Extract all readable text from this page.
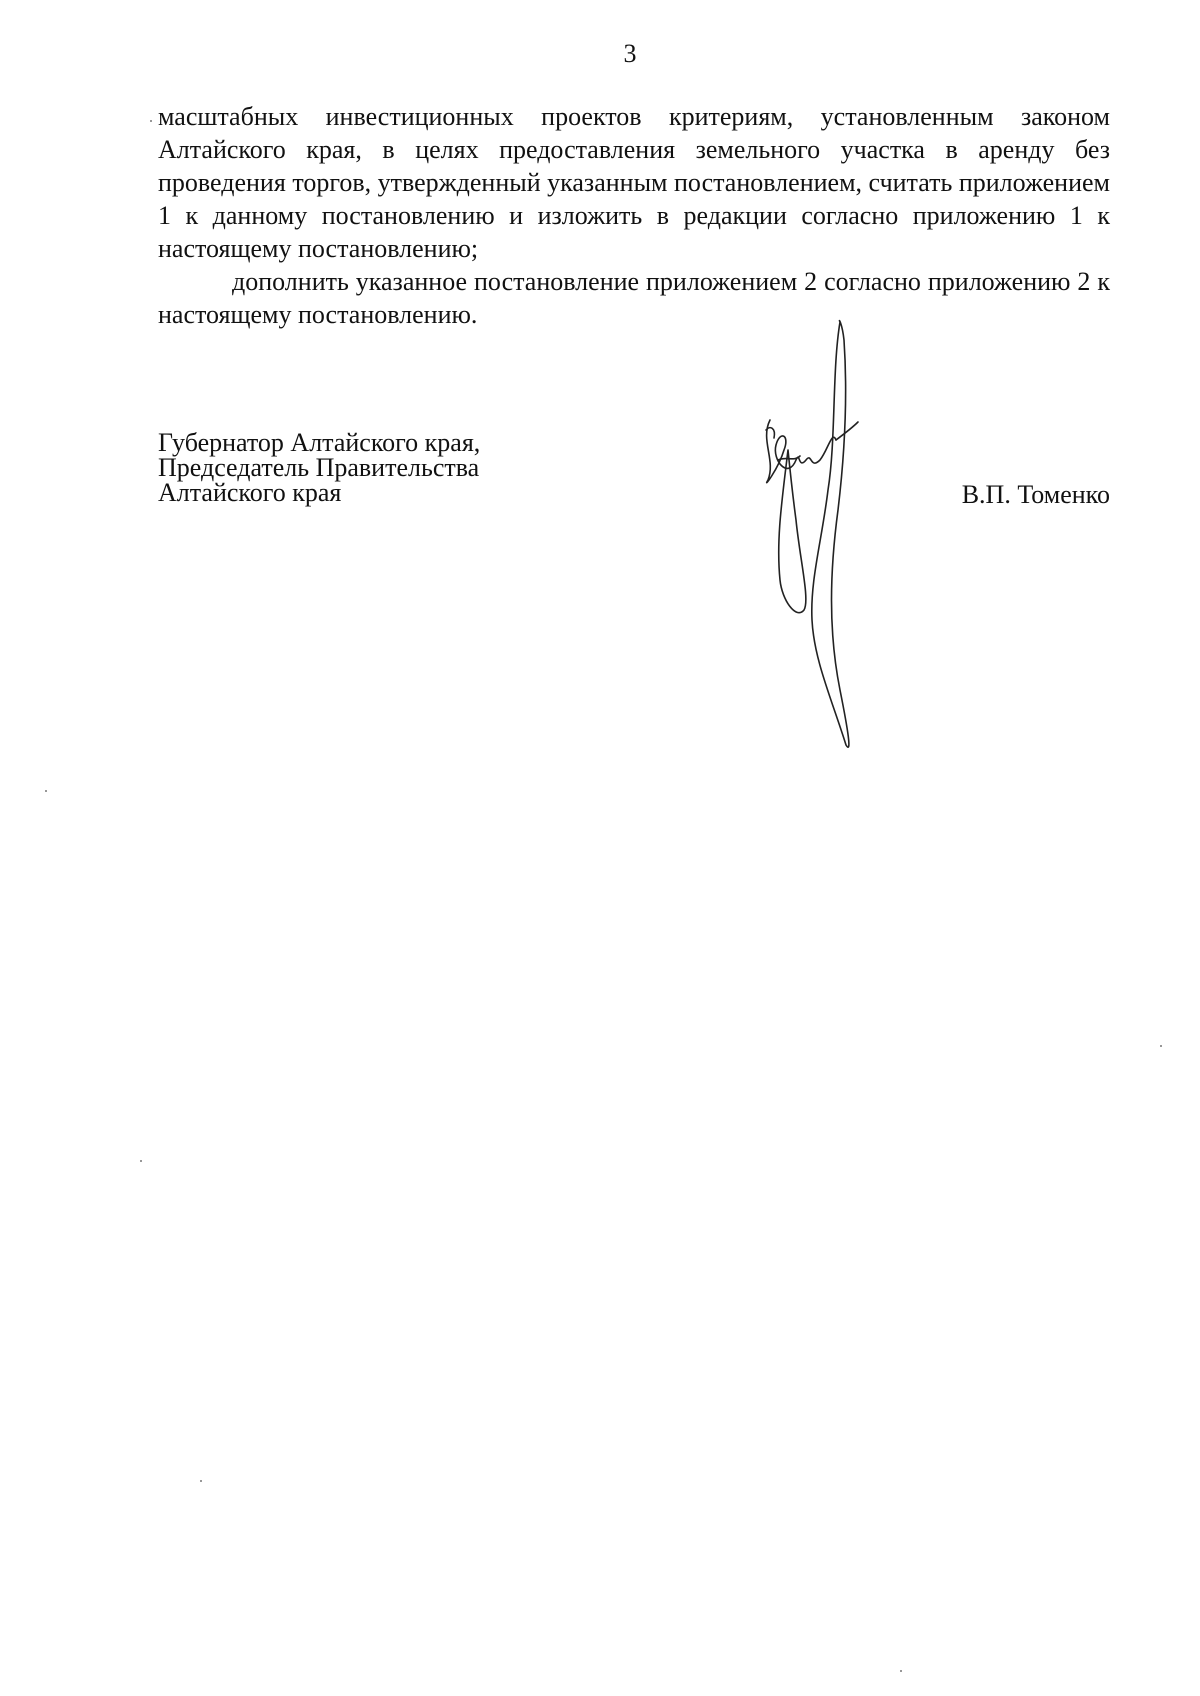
3

масштабных инвестиционных проектов критериям, установленным законом Алтайского края, в целях предоставления земельного участка в аренду без проведения торгов, утвержденный указанным постановлением, считать приложением 1 к данному постановлению и изложить в редакции согласно приложению 1 к настоящему постановлению;

дополнить указанное постановление приложением 2 согласно приложению 2 к настоящему постановлению.

Губернатор Алтайского края,
Председатель Правительства
Алтайского края	В.П. Томенко
